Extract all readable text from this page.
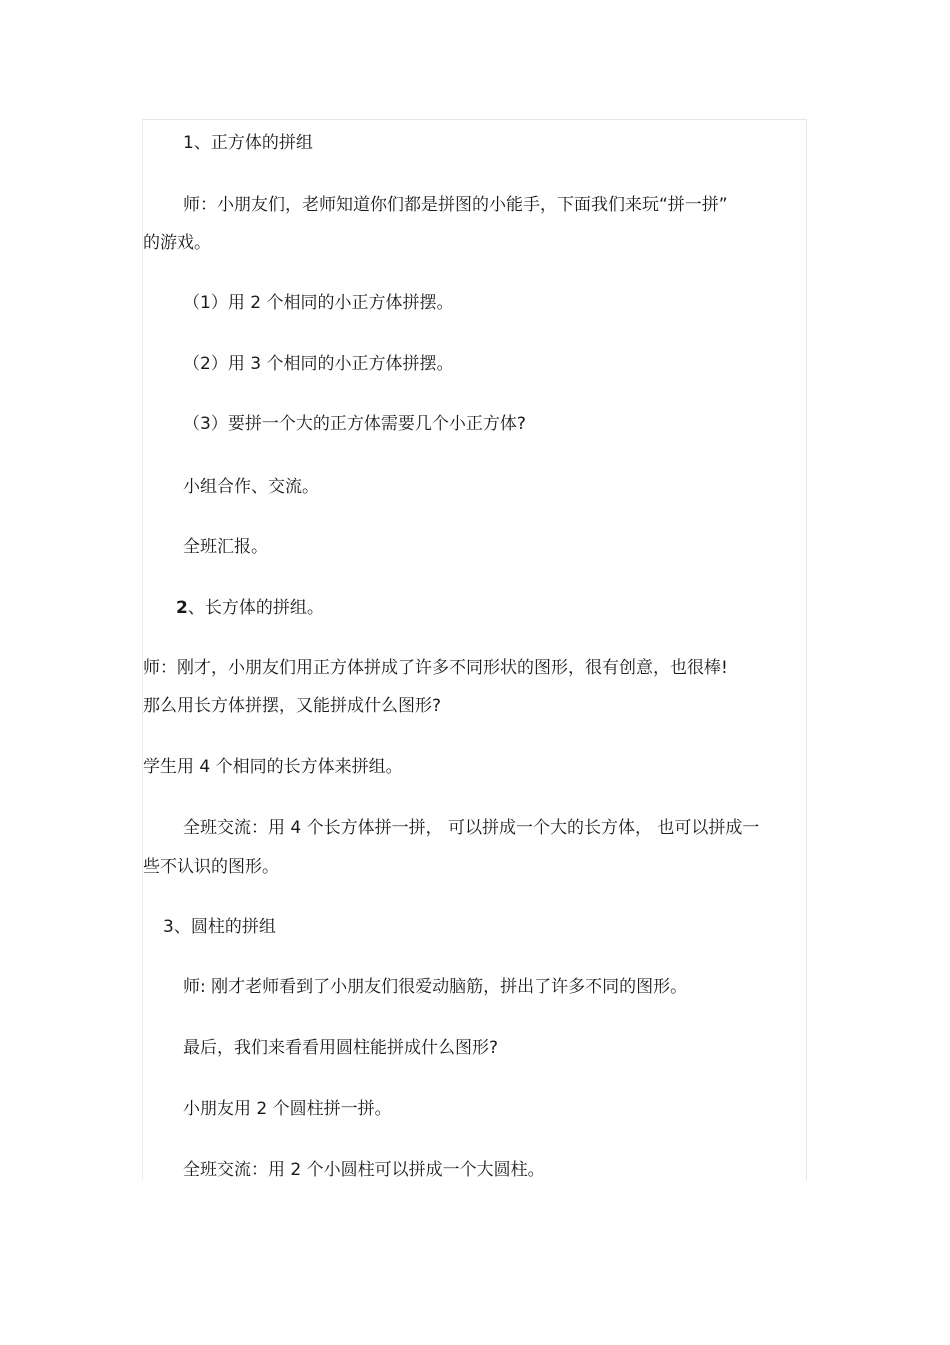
1、正方体的拼组

师：小朋友们，老师知道你们都是拼图的小能手，下面我们来玩“拼一拼”

的游戏。

（1）用 2 个相同的小正方体拼摆。

（2）用 3 个相同的小正方体拼摆。

（3）要拼一个大的正方体需要几个小正方体?

小组合作、交流。

全班汇报。

2、长方体的拼组。

师：刚才，小朋友们用正方体拼成了许多不同形状的图形，很有创意，也很棒!

那么用长方体拼摆，又能拼成什么图形?

学生用 4 个相同的长方体来拼组。

全班交流：用 4 个长方体拼一拼， 可以拼成一个大的长方体， 也可以拼成一

些不认识的图形。

3、圆柱的拼组

师: 刚才老师看到了小朋友们很爱动脑筋，拼出了许多不同的图形。

最后，我们来看看用圆柱能拼成什么图形?

小朋友用 2 个圆柱拼一拼。

全班交流：用 2 个小圆柱可以拼成一个大圆柱。
